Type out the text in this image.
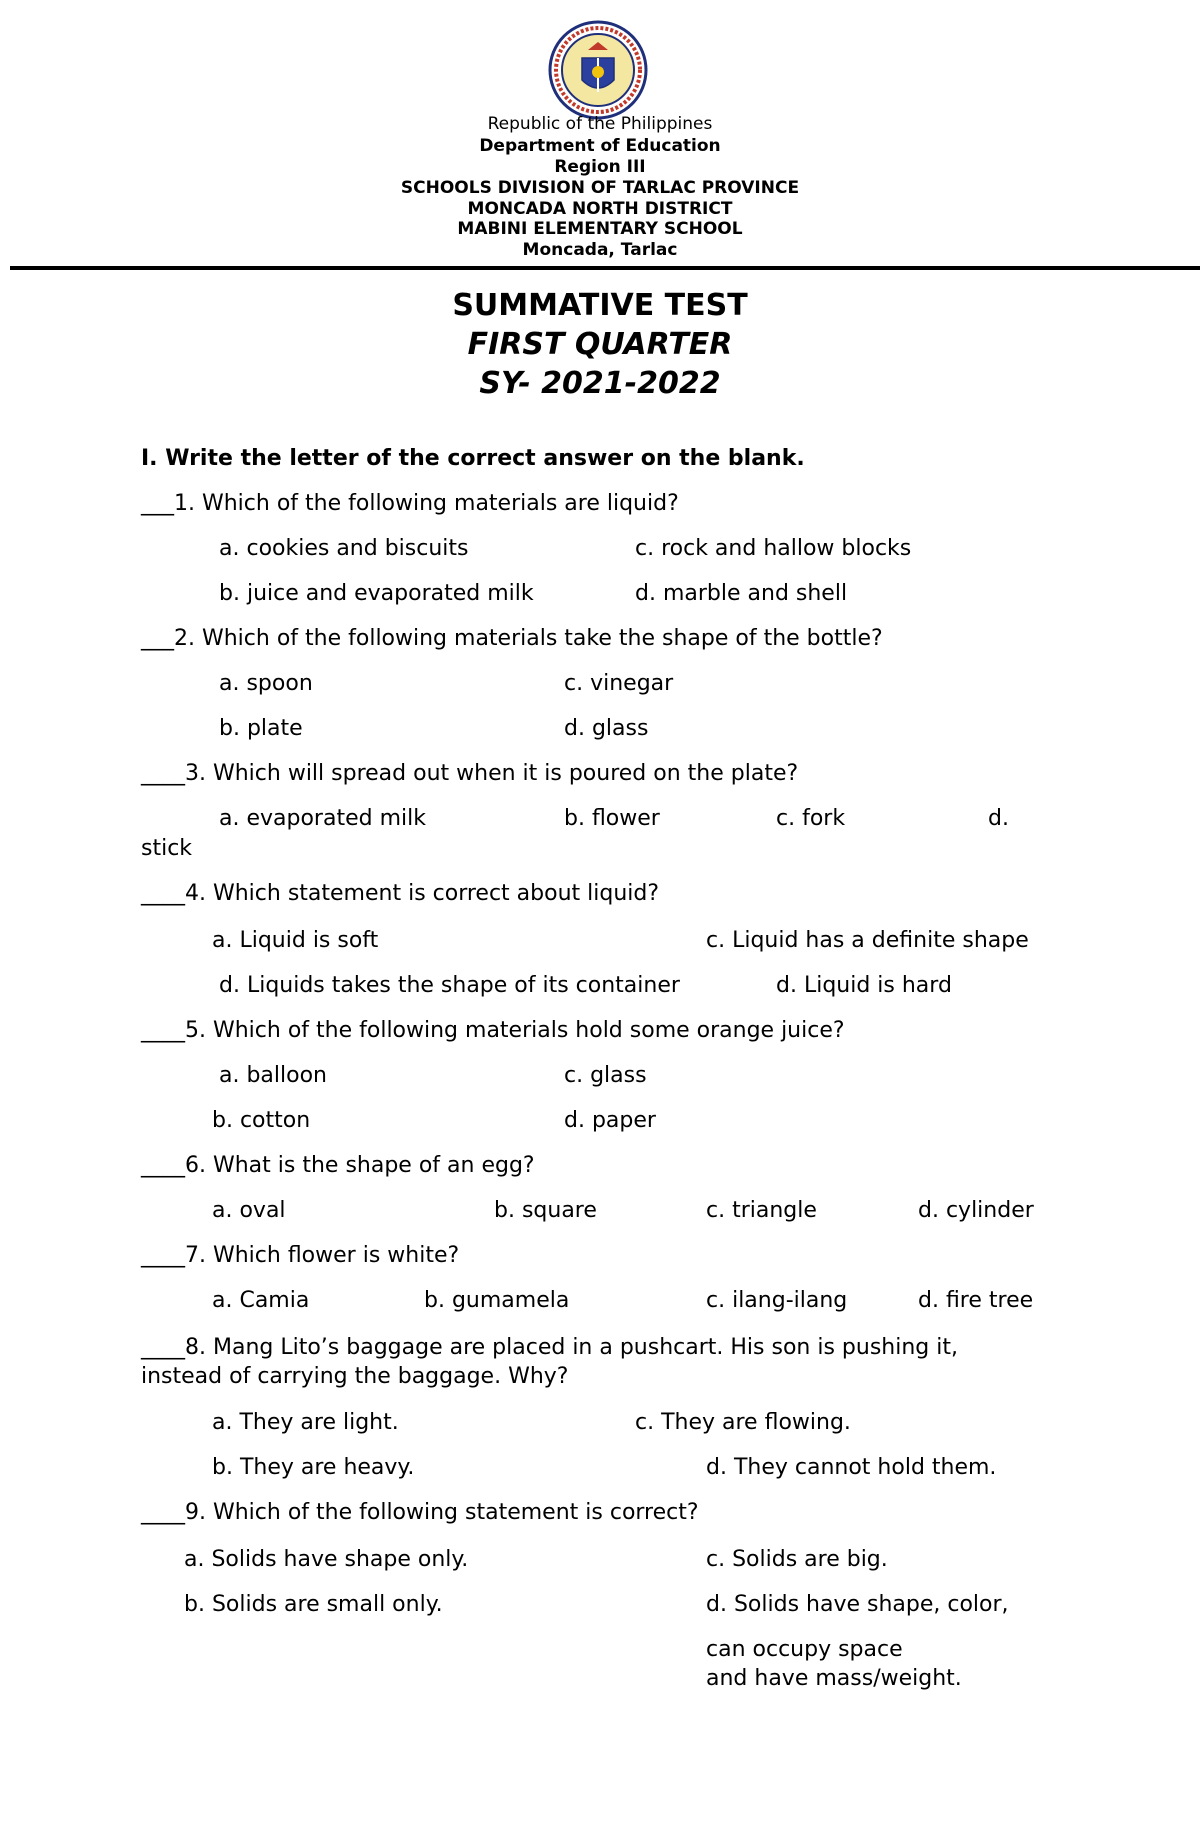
Republic of the Philippines
Department of Education
Region III
SCHOOLS DIVISION OF TARLAC PROVINCE
MONCADA NORTH DISTRICT
MABINI ELEMENTARY SCHOOL
Moncada, Tarlac
SUMMATIVE TEST
FIRST QUARTER
SY- 2021-2022
I. Write the letter of the correct answer on the blank.
___1. Which of the following materials are liquid?
a. cookies and biscuits	c. rock and hallow blocks
b. juice and evaporated milk	d. marble and shell
___2. Which of the following materials take the shape of the bottle?
a. spoon	c. vinegar
b. plate	d. glass
____3. Which will spread out when it is poured on the plate?
a. evaporated milk	b. flower	c. fork	d.
stick
____4. Which statement is correct about liquid?
a. Liquid is soft	c. Liquid has a definite shape
d. Liquids takes the shape of its container	d. Liquid is hard
____5. Which of the following materials hold some orange juice?
a. balloon	c. glass
b. cotton	d. paper
____6. What is the shape of an egg?
a. oval	b. square	c. triangle	d. cylinder
____7. Which flower is white?
a. Camia	b. gumamela	c. ilang-ilang	d. fire tree
____8. Mang Lito’s baggage are placed in a pushcart. His son is pushing it,
instead of carrying the baggage. Why?
a. They are light.	c. They are flowing.
b. They are heavy.	d. They cannot hold them.
____9. Which of the following statement is correct?
a. Solids have shape only.	c. Solids are big.
b. Solids are small only.	d. Solids have shape, color,
can occupy space
and have mass/weight.
